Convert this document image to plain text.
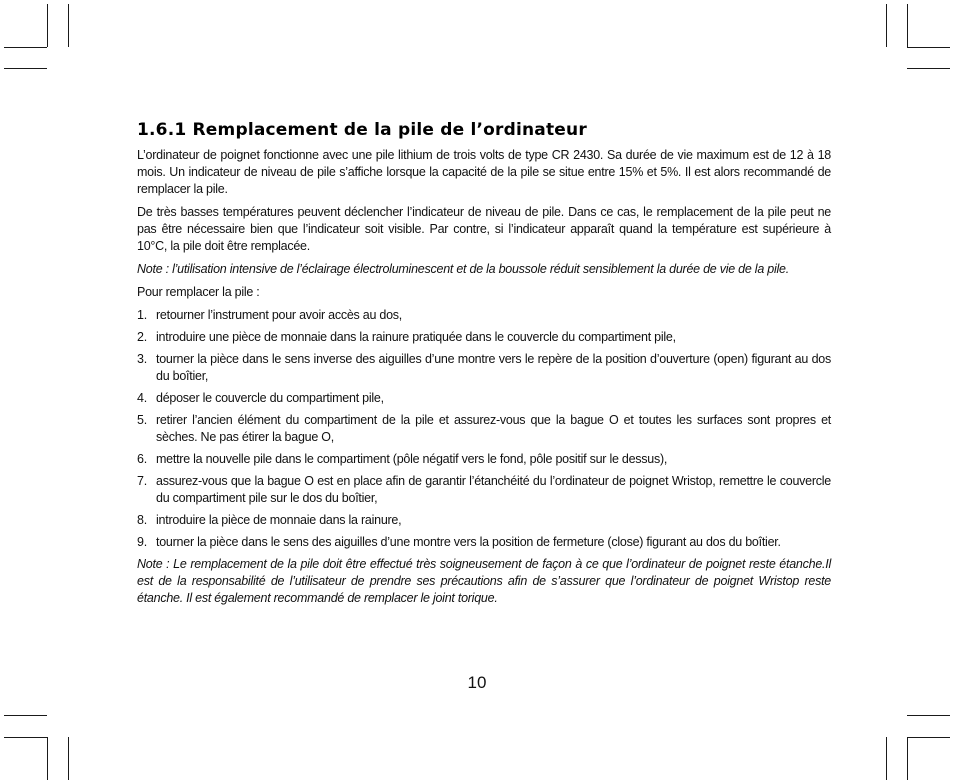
1.6.1 Remplacement de la pile de l’ordinateur

L’ordinateur de poignet fonctionne avec une pile lithium de trois volts de type CR 2430. Sa durée de vie maximum est de 12 à 18 mois. Un indicateur de niveau de pile s’affiche lorsque la capacité de la pile se situe entre 15% et 5%. Il est alors recommandé de remplacer la pile.

De très basses températures peuvent déclencher l’indicateur de niveau de pile. Dans ce cas, le remplacement de la pile peut ne pas être nécessaire bien que l’indicateur soit visible. Par contre, si l’indicateur apparaît quand la température est supérieure à 10°C, la pile doit être remplacée.

Note : l’utilisation intensive de l’éclairage électroluminescent et de la boussole réduit sensiblement la durée de vie de la pile.

Pour remplacer la pile :

1. retourner l’instrument pour avoir accès au dos,
2. introduire une pièce de monnaie dans la rainure pratiquée dans le couvercle du compartiment pile,
3. tourner la pièce dans le sens inverse des aiguilles d’une montre vers le repère de la position d’ouverture (open) figurant au dos du boîtier,
4. déposer le couvercle du compartiment pile,
5. retirer l’ancien élément du compartiment de la pile et assurez-vous que la bague O et toutes les surfaces sont propres et sèches. Ne pas étirer la bague O,
6. mettre la nouvelle pile dans le compartiment (pôle négatif vers le fond, pôle positif sur le dessus),
7. assurez-vous que la bague O est en place afin de garantir l’étanchéité du l’ordinateur de poignet Wristop, remettre le couvercle du compartiment pile sur le dos du boîtier,
8. introduire la pièce de monnaie dans la rainure,
9. tourner la pièce dans le sens des aiguilles d’une montre vers la position de fermeture (close) figurant au dos du boîtier.

Note : Le remplacement de la pile doit être effectué très soigneusement de façon à ce que l’ordinateur de poignet reste étanche.Il est de la responsabilité de l’utilisateur de prendre ses précautions afin de s’assurer que l’ordinateur de poignet Wristop reste étanche. Il est également recommandé de remplacer le joint torique.

10
